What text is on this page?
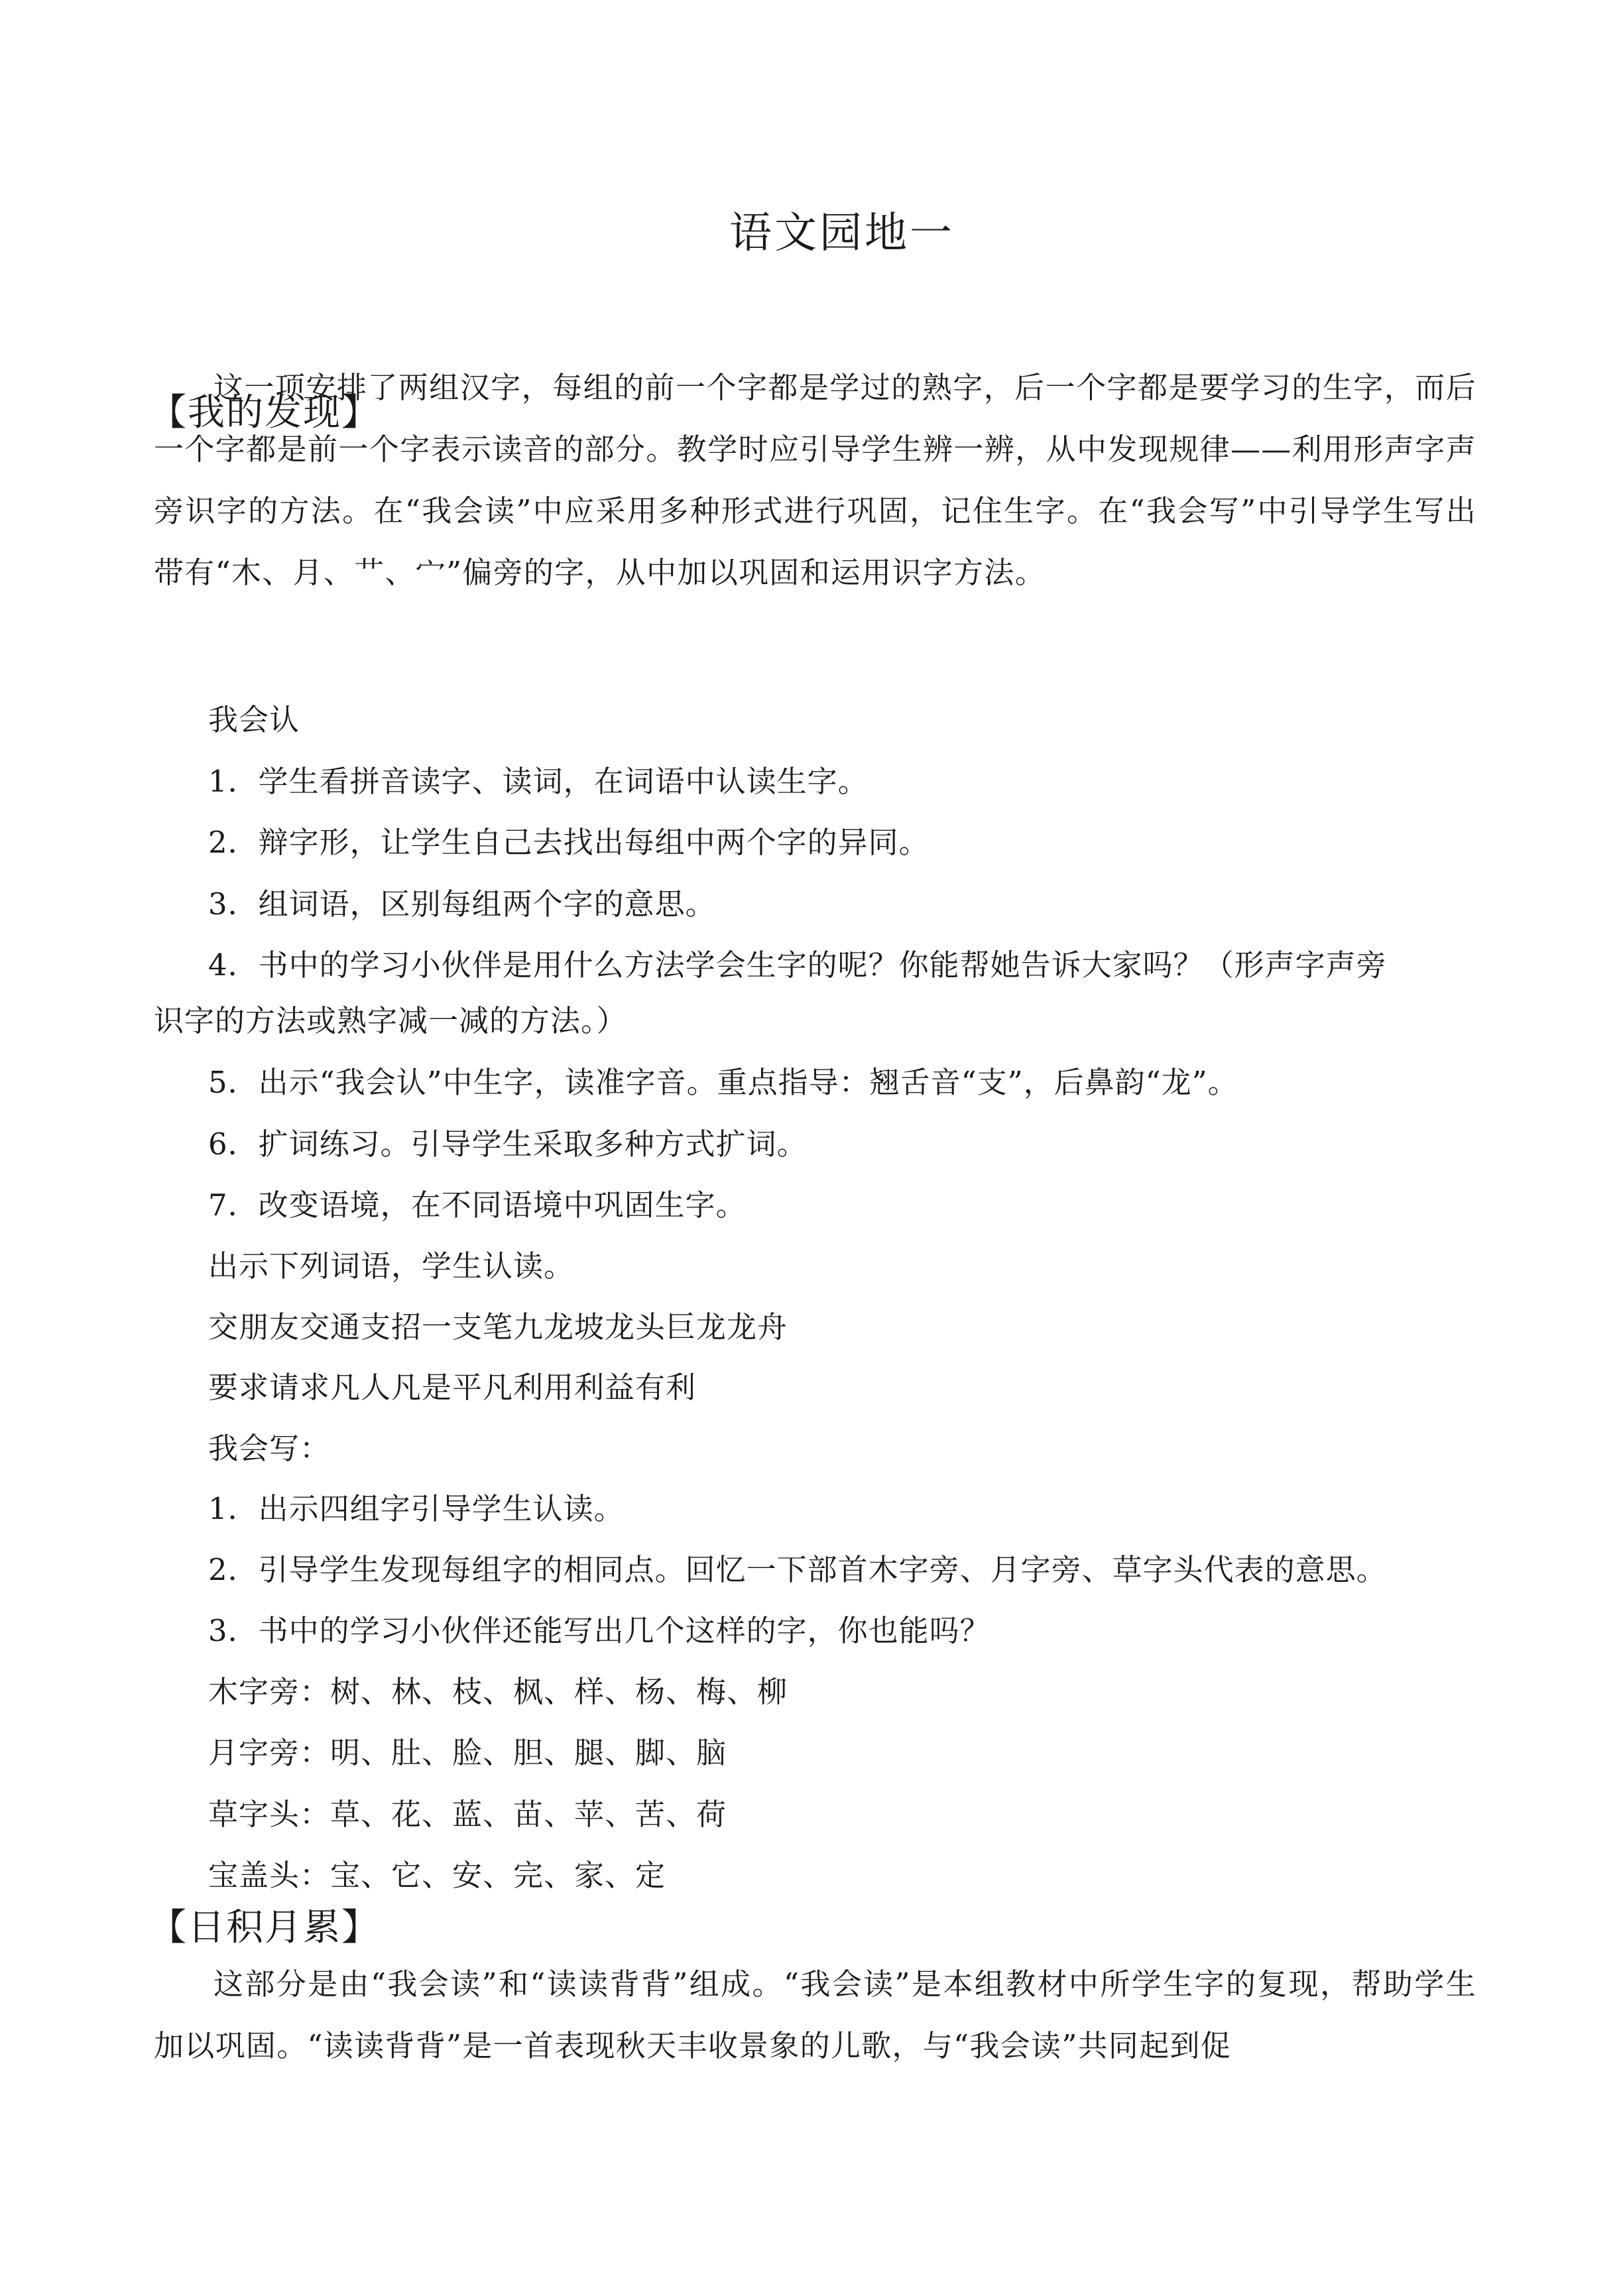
语文园地一
【我的发现】
这一项安排了两组汉字，每组的前一个字都是学过的熟字，后一个字都是要学习的生字，而后一个字都是前一个字表示读音的部分。教学时应引导学生辨一辨，从中发现规律——利用形声字声旁识字的方法。在“我会读”中应采用多种形式进行巩固，记住生字。在“我会写”中引导学生写出带有“木、月、艹、宀”偏旁的字，从中加以巩固和运用识字方法。
我会认
1．学生看拼音读字、读词，在词语中认读生字。
2．辩字形，让学生自己去找出每组中两个字的异同。
3．组词语，区别每组两个字的意思。
4．书中的学习小伙伴是用什么方法学会生字的呢？你能帮她告诉大家吗？（形声字声旁
识字的方法或熟字减一减的方法。）
5．出示“我会认”中生字，读准字音。重点指导：翘舌音“支”，后鼻韵“龙”。
6．扩词练习。引导学生采取多种方式扩词。
7．改变语境，在不同语境中巩固生字。
出示下列词语，学生认读。
交朋友交通支招一支笔九龙坡龙头巨龙龙舟
要求请求凡人凡是平凡利用利益有利
我会写：
1．出示四组字引导学生认读。
2．引导学生发现每组字的相同点。回忆一下部首木字旁、月字旁、草字头代表的意思。
3．书中的学习小伙伴还能写出几个这样的字，你也能吗？
木字旁：树、林、枝、枫、样、杨、梅、柳
月字旁：明、肚、脸、胆、腿、脚、脑
草字头：草、花、蓝、苗、苹、苦、荷
宝盖头：宝、它、安、完、家、定
【日积月累】
这部分是由“我会读”和“读读背背”组成。“我会读”是本组教材中所学生字的复现，帮助学生加以巩固。“读读背背”是一首表现秋天丰收景象的儿歌，与“我会读”共同起到促
